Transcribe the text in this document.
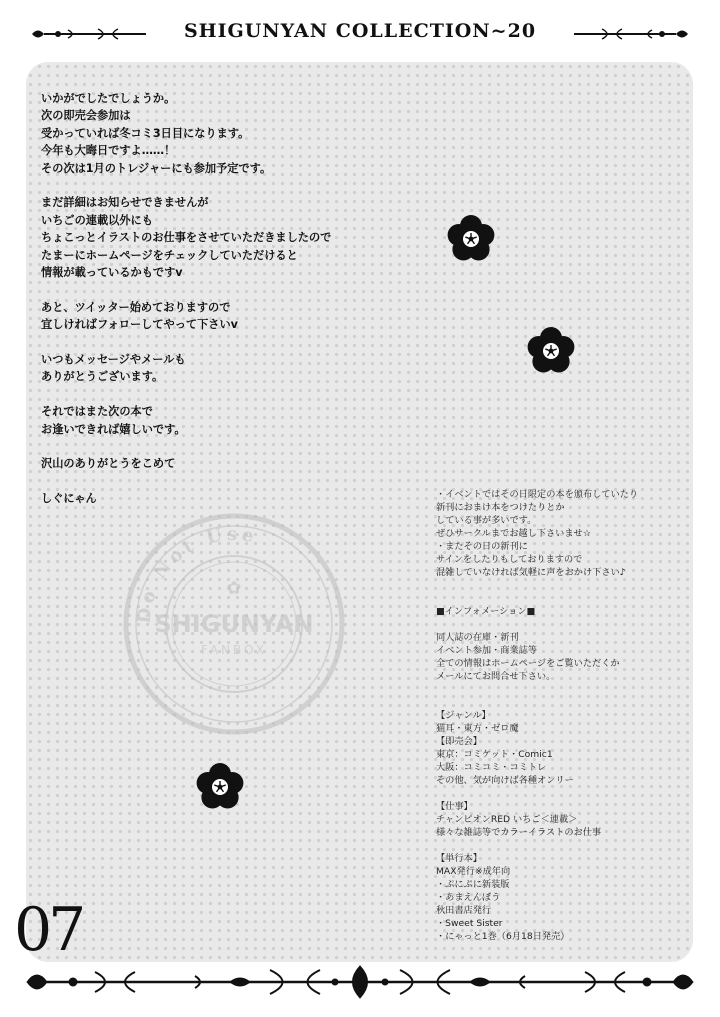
SHIGUNYAN COLLECTION~20
Do Not Use
✿
SHIGUNYAN
FANBOX

いかがでしたでしょうか。
次の即売会参加は
受かっていれば冬コミ3日目になります。
今年も大晦日ですよ……！
その次は1月のトレジャーにも参加予定です。

まだ詳細はお知らせできませんが
いちごの連載以外にも
ちょこっとイラストのお仕事をさせていただきましたので
たまーにホームページをチェックしていただけると
情報が載っているかもですv

あと、ツイッター始めておりますので
宜しければフォローしてやって下さいv

いつもメッセージやメールも
ありがとうございます。

それではまた次の本で
お逢いできれば嬉しいです。

沢山のありがとうをこめて

しぐにゃん	・イベントではその日限定の本を頒布していたり
新刊におまけ本をつけたりとか
している事が多いです。
ぜひサークルまでお越し下さいませ☆
・またその日の新刊に
サインをしたりもしておりますので
混雑していなければ気軽に声をおかけ下さい♪
■インフォメーション■
同人誌の在庫・新刊
イベント参加・商業誌等
全ての情報はホームページをご覧いただくか
メールにてお問合せ下さい。
【ジャンル】
猫耳・東方・ゼロ魔
【即売会】
東京：コミケット・Comic1
大阪：コミコミ・コミトレ
その他、気が向けば各種オンリー
【仕事】
チャンピオンRED いちご＜連載＞
様々な雑誌等でカラーイラストのお仕事
【単行本】
MAX発行※成年向
・ぷにぷに新装版
・あまえんぼう
秋田書店発行
・Sweet Sister
・にゃっと1巻（6月18日発売）
07
